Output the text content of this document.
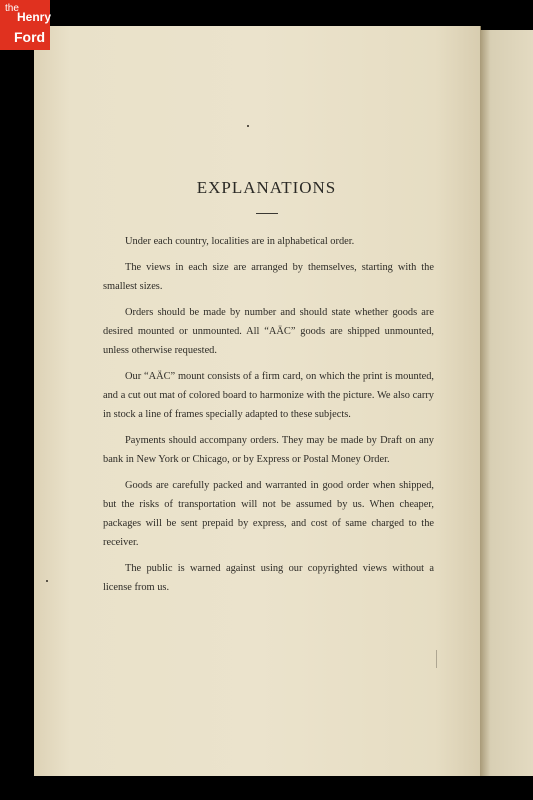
the
Henry
Ford
EXPLANATIONS

Under each country, localities are in alphabetical order.

The views in each size are arranged by themselves, starting with the smallest sizes.

Orders should be made by number and should state whether goods are desired mounted or unmounted. All “AÄC” goods are shipped unmounted, unless otherwise requested.

Our “AÄC” mount consists of a firm card, on which the print is mounted, and a cut out mat of colored board to harmonize with the picture. We also carry in stock a line of frames specially adapted to these subjects.

Payments should accompany orders. They may be made by Draft on any bank in New York or Chicago, or by Express or Postal Money Order.

Goods are carefully packed and warranted in good order when shipped, but the risks of transportation will not be assumed by us. When cheaper, packages will be sent prepaid by express, and cost of same charged to the receiver.

The public is warned against using our copyrighted views without a license from us.
